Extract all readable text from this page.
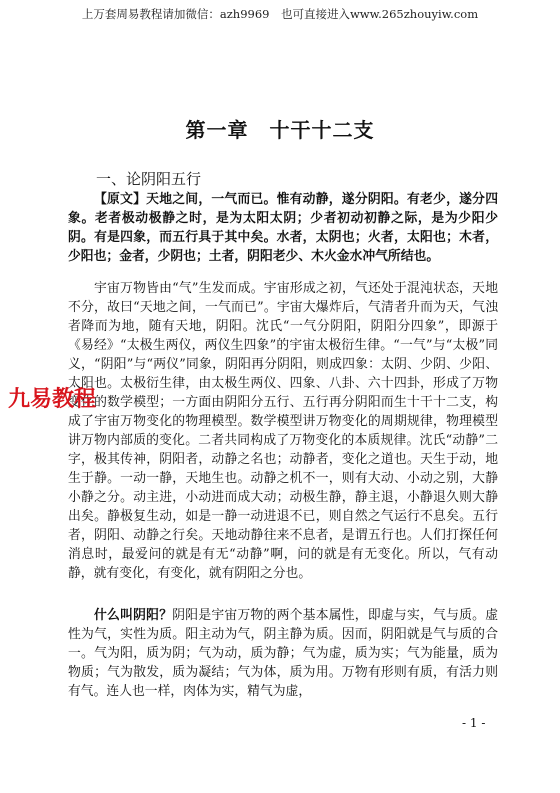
上万套周易教程请加微信：azh9969　也可直接进入www.265zhouyiw.com
第一章　十干十二支
一、论阴阳五行
【原文】天地之间，一气而已。惟有动静，遂分阴阳。有老少，遂分四象。老者极动极静之时，是为太阳太阴；少者初动初静之际，是为少阳少阴。有是四象，而五行具于其中矣。水者，太阴也；火者，太阳也；木者，少阳也；金者，少阴也；土者，阴阳老少、木火金水冲气所结也。
宇宙万物皆由“气”生发而成。宇宙形成之初，气还处于混沌状态，天地不分，故曰“天地之间，一气而已”。宇宙大爆炸后，气清者升而为天，气浊者降而为地，随有天地，阴阳。沈氏“一气分阴阳，阴阳分四象”，即源于《易经》“太极生两仪，两仪生四象”的宇宙太极衍生律。“一气”与“太极”同义，“阴阳”与“两仪”同象，阴阳再分阴阳，则成四象：太阴、少阴、少阳、太阳也。太极衍生律，由太极生两仪、四象、八卦、六十四卦，形成了万物变化的数学模型；一方面由阴阳分五行、五行再分阴阳而生十干十二支，构成了宇宙万物变化的物理模型。数学模型讲万物变化的周期规律，物理模型讲万物内部质的变化。二者共同构成了万物变化的本质规律。沈氏“动静”二字，极其传神，阴阳者，动静之名也；动静者，变化之道也。天生于动，地生于静。一动一静，天地生也。动静之机不一，则有大动、小动之别，大静小静之分。动主进，小动进而成大动；动极生静，静主退，小静退久则大静出矣。静极复生动，如是一静一动进退不已，则自然之气运行不息矣。五行者，阴阳、动静之行矣。天地动静往来不息者，是谓五行也。人们打探任何消息时，最爱问的就是有无“动静”啊，问的就是有无变化。所以，气有动静，就有变化，有变化，就有阴阳之分也。
什么叫阴阳？阴阳是宇宙万物的两个基本属性，即虚与实，气与质。虚性为气，实性为质。阳主动为气，阴主静为质。因而，阴阳就是气与质的合一。气为阳，质为阴；气为动，质为静；气为虚，质为实；气为能量，质为物质；气为散发，质为凝结；气为体，质为用。万物有形则有质，有活力则有气。连人也一样，肉体为实，精气为虚，
九易教程
- 1 -
